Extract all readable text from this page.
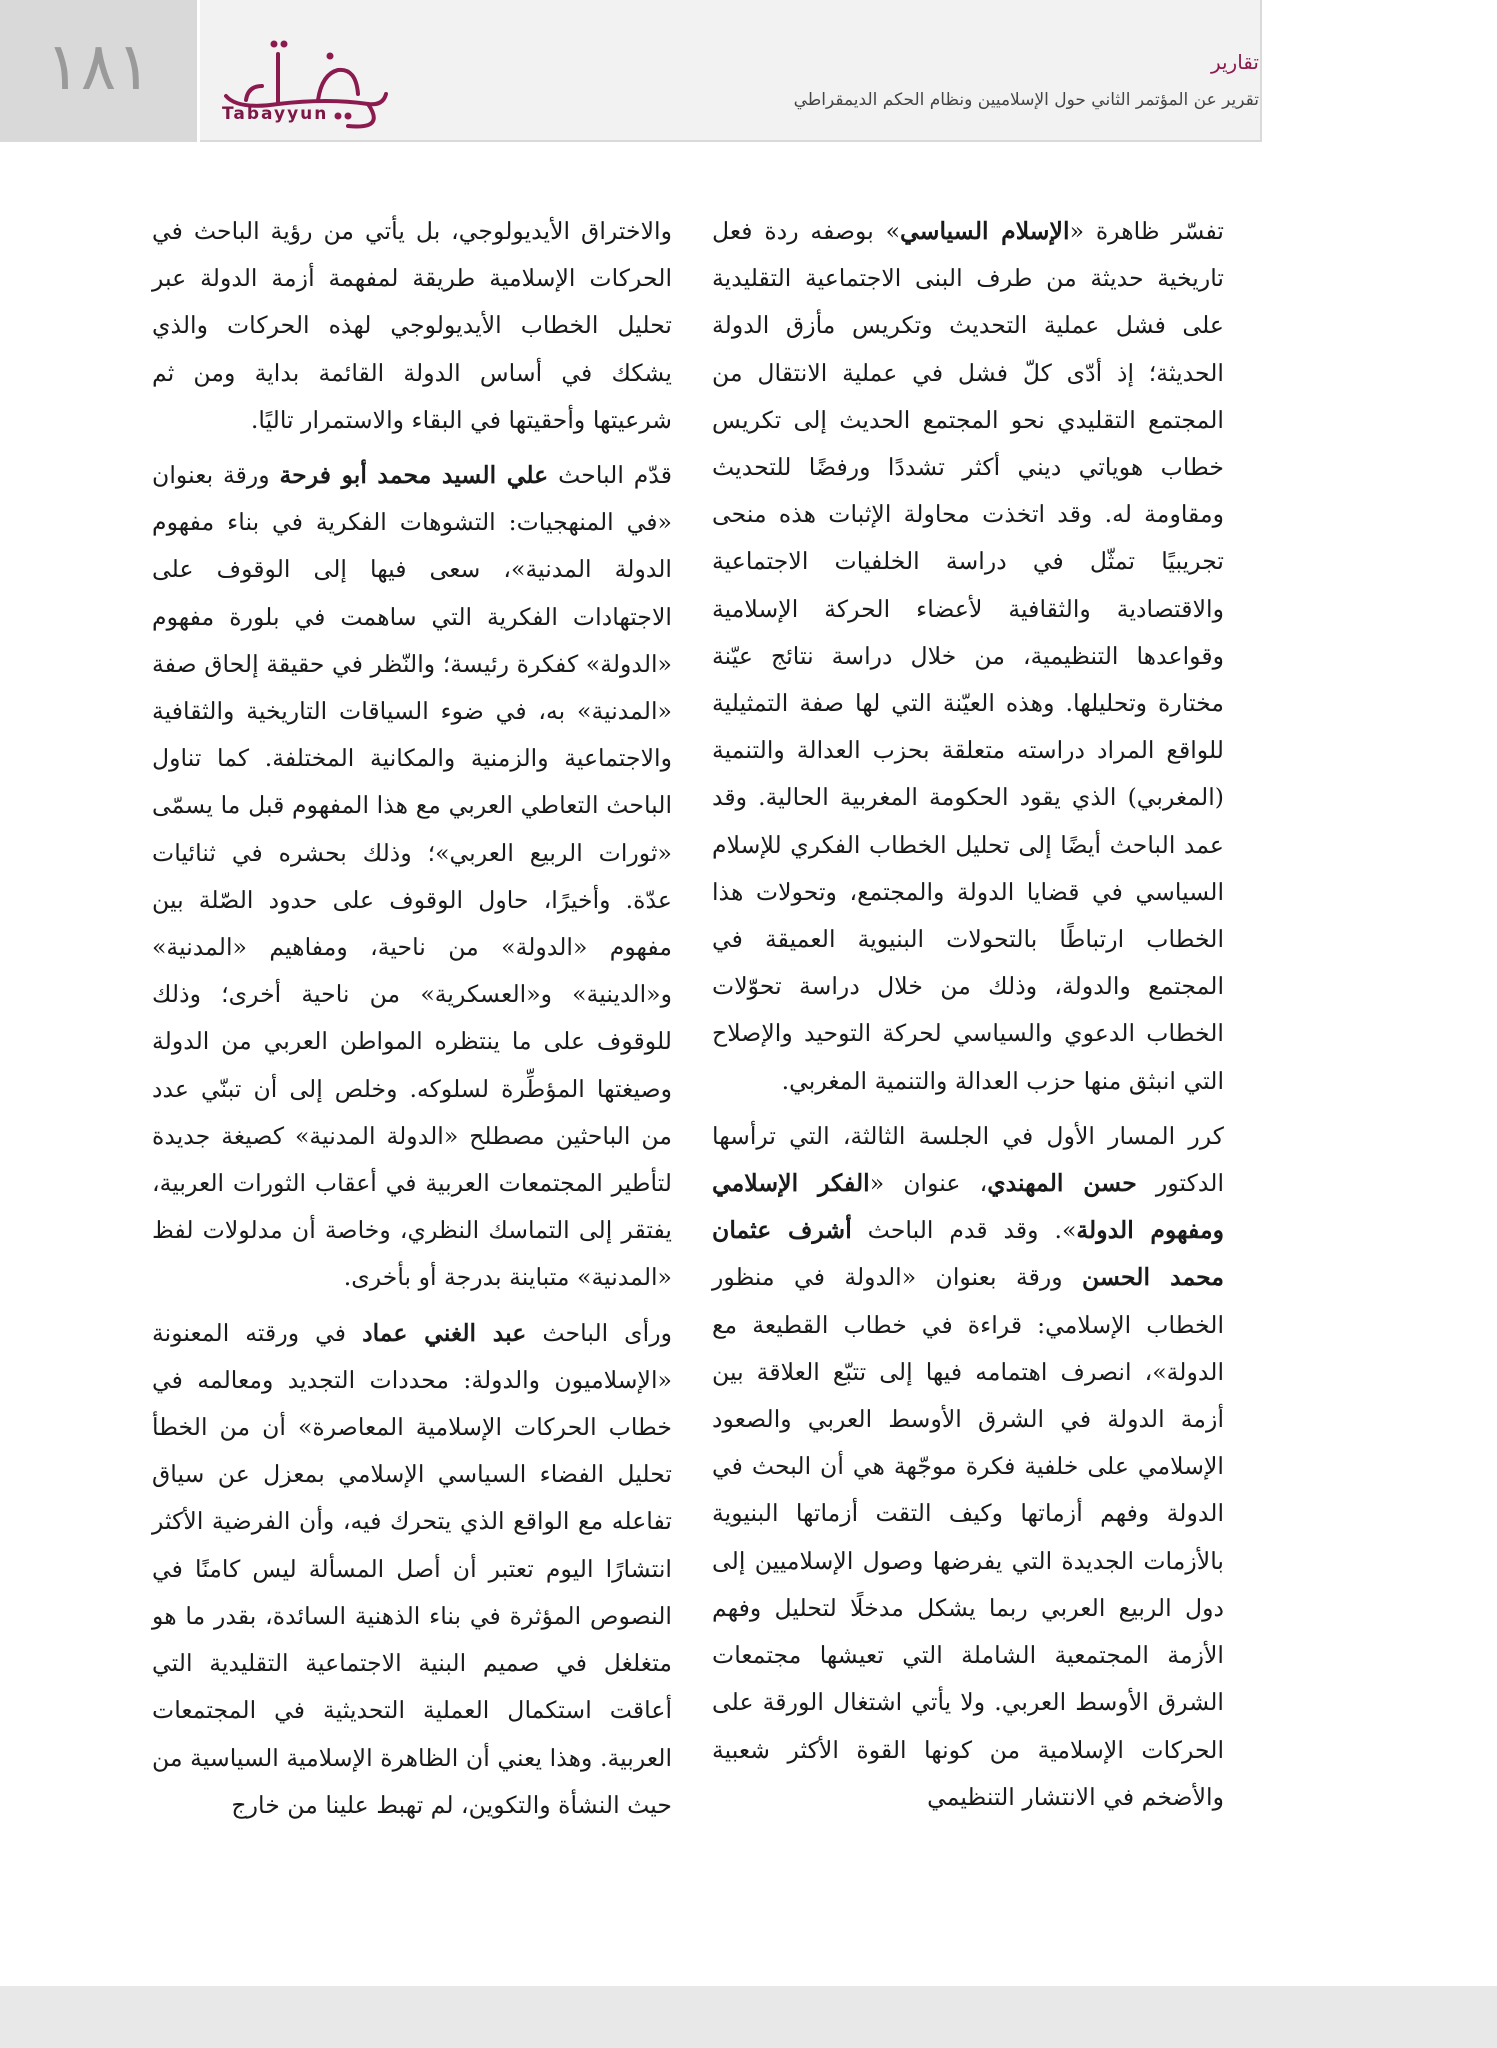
١٨١	تبيُّن
Tabayyun
تقارير
تقرير عن المؤتمر الثاني حول الإسلاميين ونظام الحكم الديمقراطي

تفسّر ظاهرة «الإسلام السياسي» بوصفه ردة فعل تاريخية حديثة من طرف البنى الاجتماعية التقليدية على فشل عملية التحديث وتكريس مأزق الدولة الحديثة؛ إذ أدّى كلّ فشل في عملية الانتقال من المجتمع التقليدي نحو المجتمع الحديث إلى تكريس خطاب هوياتي ديني أكثر تشددًا ورفضًا للتحديث ومقاومة له. وقد اتخذت محاولة الإثبات هذه منحى تجريبيًا تمثّل في دراسة الخلفيات الاجتماعية والاقتصادية والثقافية لأعضاء الحركة الإسلامية وقواعدها التنظيمية، من خلال دراسة نتائج عيّنة مختارة وتحليلها. وهذه العيّنة التي لها صفة التمثيلية للواقع المراد دراسته متعلقة بحزب العدالة والتنمية (المغربي) الذي يقود الحكومة المغربية الحالية. وقد عمد الباحث أيضًا إلى تحليل الخطاب الفكري للإسلام السياسي في قضايا الدولة والمجتمع، وتحولات هذا الخطاب ارتباطًا بالتحولات البنيوية العميقة في المجتمع والدولة، وذلك من خلال دراسة تحوّلات الخطاب الدعوي والسياسي لحركة التوحيد والإصلاح التي انبثق منها حزب العدالة والتنمية المغربي.

كرر المسار الأول في الجلسة الثالثة، التي ترأسها الدكتور حسن المهندي، عنوان «الفكر الإسلامي ومفهوم الدولة». وقد قدم الباحث أشرف عثمان محمد الحسن ورقة بعنوان «الدولة في منظور الخطاب الإسلامي: قراءة في خطاب القطيعة مع الدولة»، انصرف اهتمامه فيها إلى تتبّع العلاقة بين أزمة الدولة في الشرق الأوسط العربي والصعود الإسلامي على خلفية فكرة موجّهة هي أن البحث في الدولة وفهم أزماتها وكيف التقت أزماتها البنيوية بالأزمات الجديدة التي يفرضها وصول الإسلاميين إلى دول الربيع العربي ربما يشكل مدخلًا لتحليل وفهم الأزمة المجتمعية الشاملة التي تعيشها مجتمعات الشرق الأوسط العربي. ولا يأتي اشتغال الورقة على الحركات الإسلامية من كونها القوة الأكثر شعبية والأضخم في الانتشار التنظيمي

والاختراق الأيديولوجي، بل يأتي من رؤية الباحث في الحركات الإسلامية طريقة لمفهمة أزمة الدولة عبر تحليل الخطاب الأيديولوجي لهذه الحركات والذي يشكك في أساس الدولة القائمة بداية ومن ثم شرعيتها وأحقيتها في البقاء والاستمرار تاليًا.

قدّم الباحث علي السيد محمد أبو فرحة ورقة بعنوان «في المنهجيات: التشوهات الفكرية في بناء مفهوم الدولة المدنية»، سعى فيها إلى الوقوف على الاجتهادات الفكرية التي ساهمت في بلورة مفهوم «الدولة» كفكرة رئيسة؛ والنّظر في حقيقة إلحاق صفة «المدنية» به، في ضوء السياقات التاريخية والثقافية والاجتماعية والزمنية والمكانية المختلفة. كما تناول الباحث التعاطي العربي مع هذا المفهوم قبل ما يسمّى «ثورات الربيع العربي»؛ وذلك بحشره في ثنائيات عدّة. وأخيرًا، حاول الوقوف على حدود الصّلة بين مفهوم «الدولة» من ناحية، ومفاهيم «المدنية» و«الدينية» و«العسكرية» من ناحية أخرى؛ وذلك للوقوف على ما ينتظره المواطن العربي من الدولة وصيغتها المؤطِّرة لسلوكه. وخلص إلى أن تبنّي عدد من الباحثين مصطلح «الدولة المدنية» كصيغة جديدة لتأطير المجتمعات العربية في أعقاب الثورات العربية، يفتقر إلى التماسك النظري، وخاصة أن مدلولات لفظ «المدنية» متباينة بدرجة أو بأخرى.

ورأى الباحث عبد الغني عماد في ورقته المعنونة «الإسلاميون والدولة: محددات التجديد ومعالمه في خطاب الحركات الإسلامية المعاصرة» أن من الخطأ تحليل الفضاء السياسي الإسلامي بمعزل عن سياق تفاعله مع الواقع الذي يتحرك فيه، وأن الفرضية الأكثر انتشارًا اليوم تعتبر أن أصل المسألة ليس كامنًا في النصوص المؤثرة في بناء الذهنية السائدة، بقدر ما هو متغلغل في صميم البنية الاجتماعية التقليدية التي أعاقت استكمال العملية التحديثية في المجتمعات العربية. وهذا يعني أن الظاهرة الإسلامية السياسية من حيث النشأة والتكوين، لم تهبط علينا من خارج
